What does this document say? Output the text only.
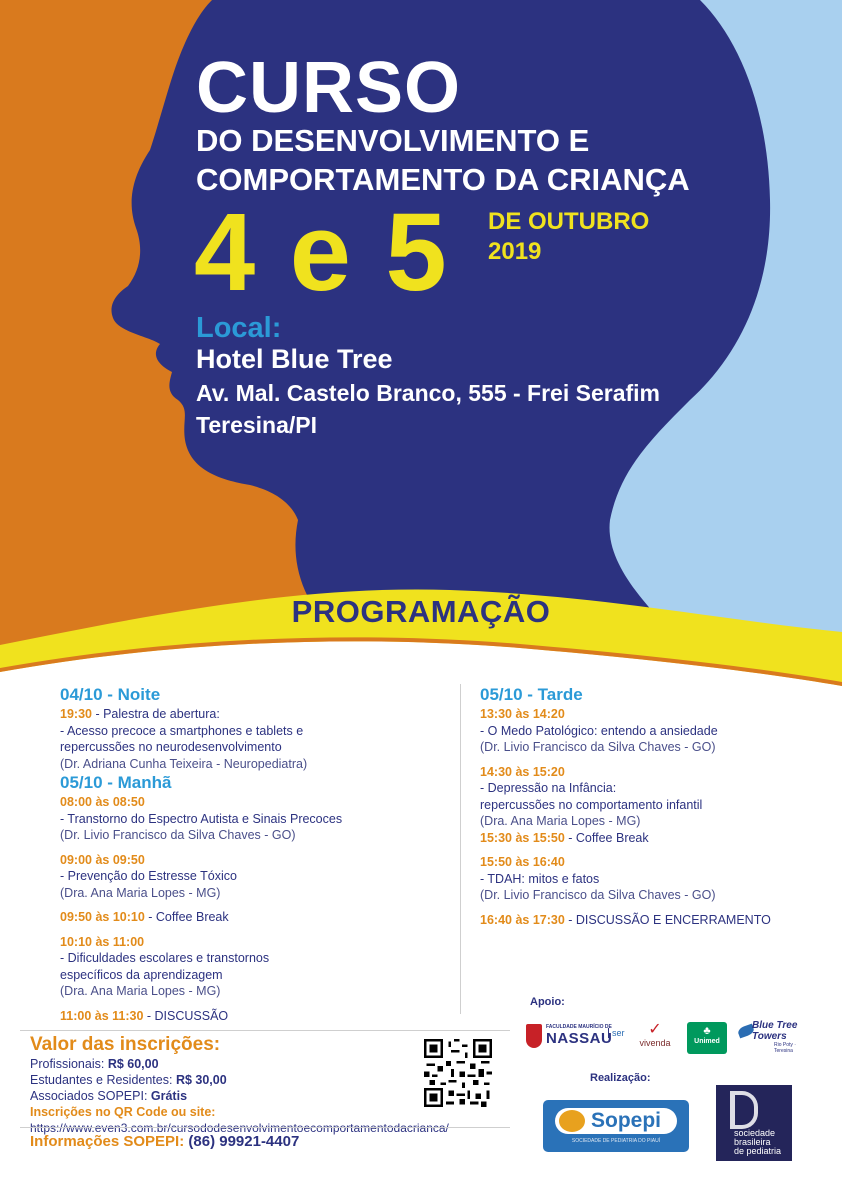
CURSO
DO DESENVOLVIMENTO E
COMPORTAMENTO DA CRIANÇA
4 e 5 DE OUTUBRO
2019
Local:
Hotel Blue Tree
Av. Mal. Castelo Branco, 555 - Frei Serafim
Teresina/PI
PROGRAMAÇÃO
04/10 - Noite
19:30 - Palestra de abertura:
- Acesso precoce a smartphones e tablets e
repercussões no neurodesenvolvimento
(Dr. Adriana Cunha Teixeira - Neuropediatra)
05/10 - Manhã
08:00 às 08:50
- Transtorno do Espectro Autista e Sinais Precoces
(Dr. Livio Francisco da Silva Chaves - GO)
09:00 às 09:50
- Prevenção do Estresse Tóxico
(Dra. Ana Maria Lopes - MG)
09:50 às 10:10 - Coffee Break
10:10 às 11:00
- Dificuldades escolares e transtornos
específicos da aprendizagem
(Dra. Ana Maria Lopes - MG)
11:00 às 11:30 - DISCUSSÃO
05/10 - Tarde
13:30 às 14:20
- O Medo Patológico: entendo a ansiedade
(Dr. Livio Francisco da Silva Chaves - GO)
14:30 às 15:20
- Depressão na Infância:
repercussões no comportamento infantil
(Dra. Ana Maria Lopes - MG)
15:30 às 15:50 - Coffee Break
15:50 às 16:40
- TDAH: mitos e fatos
(Dr. Livio Francisco da Silva Chaves - GO)
16:40 às 17:30 - DISCUSSÃO E ENCERRAMENTO
Valor das inscrições:
Profissionais: R$ 60,00
Estudantes e Residentes: R$ 30,00
Associados SOPEPI: Grátis
Inscrições no QR Code ou site:
https://www.even3.com.br/cursododesenvolvimentoecomportamentodacrianca/
Informações SOPEPI: (86) 99921-4407
Apoio:
FACULDADE MAURÍCIO DE
NASSAU ser	✓
vivenda
♣
Unimed
Blue Tree
Towers
Rio Poty · Teresina
Realização:
Sopepi
SOCIEDADE DE PEDIATRIA DO PIAUÍ
sociedade
brasileira
de pediatria
